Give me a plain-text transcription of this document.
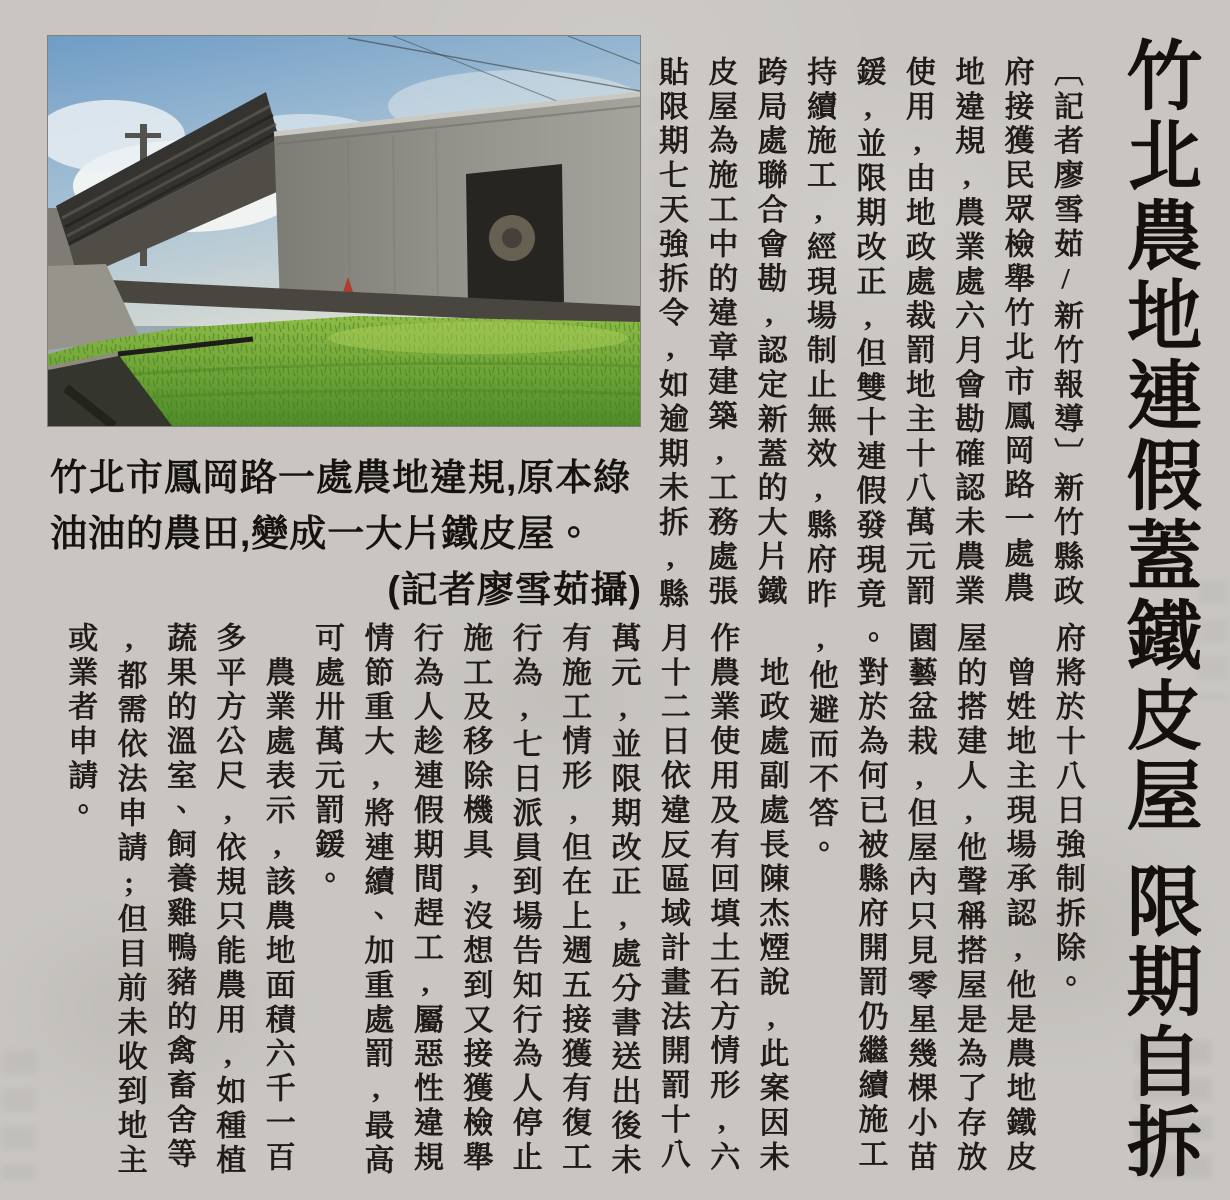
竹北農地連假蓋鐵皮屋限期自拆
〔記者廖雪茹/新竹報導〕新竹縣政
府接獲民眾檢舉竹北市鳳岡路一處農
地違規,農業處六月會勘確認未農業
使用,由地政處裁罰地主十八萬元罰
鍰,並限期改正,但雙十連假發現竟
持續施工,經現場制止無效,縣府昨
跨局處聯合會勘,認定新蓋的大片鐵
皮屋為施工中的違章建築,工務處張
貼限期七天強拆令,如逾期未拆,縣
府將於十八日強制拆除。
　曾姓地主現場承認,他是農地鐵皮
屋的搭建人,他聲稱搭屋是為了存放
園藝盆栽,但屋內只見零星幾棵小苗
。對於為何已被縣府開罰仍繼續施工
,他避而不答。
　地政處副處長陳杰煙說,此案因未
作農業使用及有回填土石方情形,六
月十二日依違反區域計畫法開罰十八
萬元,並限期改正,處分書送出後未
有施工情形,但在上週五接獲有復工
行為,七日派員到場告知行為人停止
施工及移除機具,沒想到又接獲檢舉
行為人趁連假期間趕工,屬惡性違規
情節重大,將連續、加重處罰,最高
可處卅萬元罰鍰。
　農業處表示,該農地面積六千一百
多平方公尺,依規只能農用,如種植
蔬果的溫室、飼養雞鴨豬的禽畜舍等
,都需依法申請;但目前未收到地主
或業者申請。
竹北市鳳岡路一處農地違規,原本綠
油油的農田,變成一大片鐵皮屋。
(記者廖雪茹攝)
